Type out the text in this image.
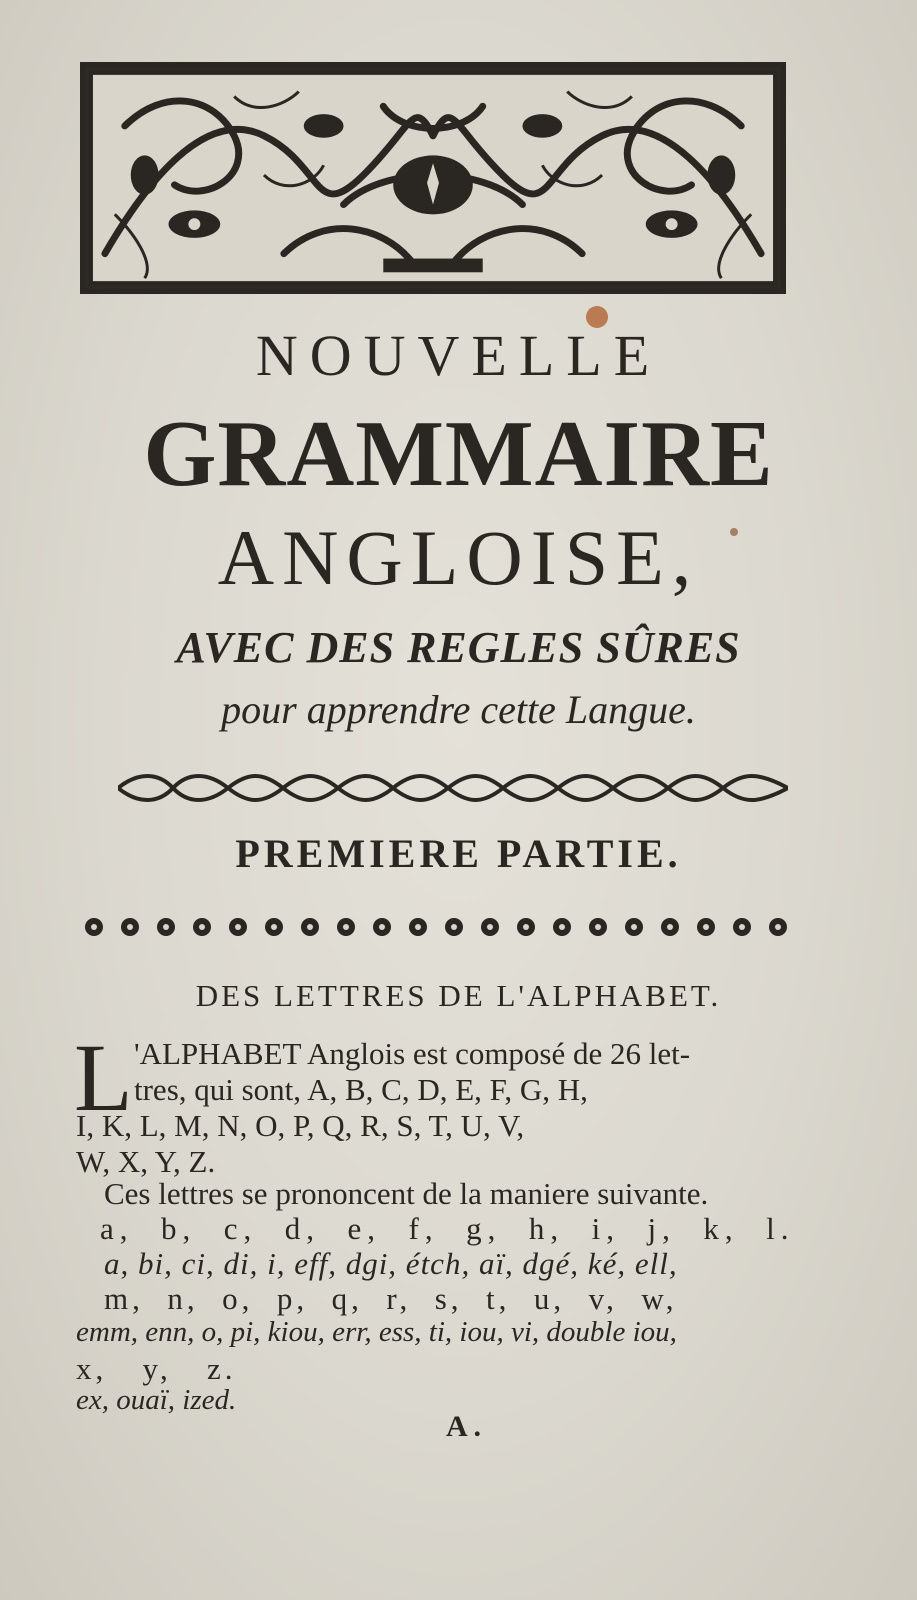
NOUVELLE
GRAMMAIRE
ANGLOISE,
AVEC DES REGLES SÛRES
pour apprendre cette Langue.
PREMIERE PARTIE.
DES LETTRES DE L'ALPHABET.
L 'ALPHABET Anglois est composé de 26 let-
tres, qui sont, A, B, C, D, E, F, G, H,
I, K, L, M, N, O, P, Q, R, S, T, U, V,
W, X, Y, Z.
Ces lettres se prononcent de la maniere suivante.
a,  b,  c,  d,  e,  f,  g,  h,  i,  j,  k,  l.
a, bi, ci, di, i, eff, dgi, étch, aï, dgé, ké, ell,
m,  n,  o,  p,  q,  r,  s,  t,  u,  v,  w,
emm, enn, o, pi, kiou, err, ess, ti, iou, vi, double iou,
x,   y,   z.
ex, ouaï, ized.
A .
